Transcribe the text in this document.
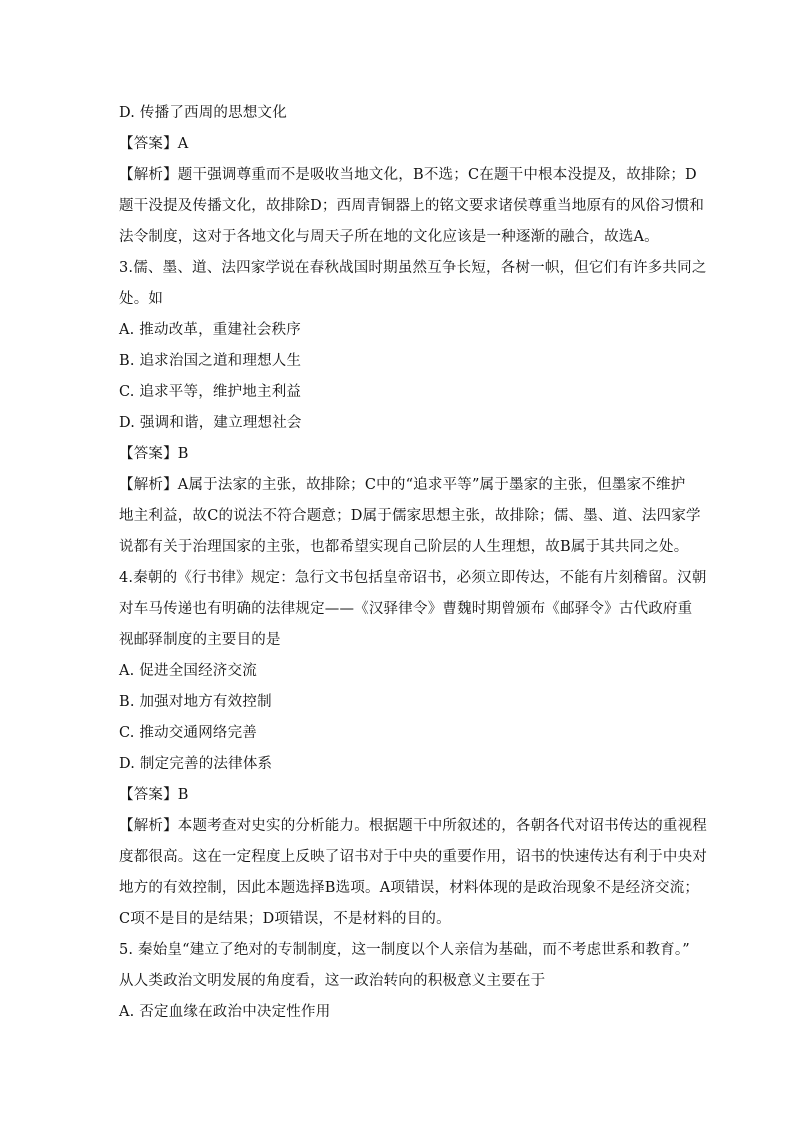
D. 传播了西周的思想文化
【答案】A
【解析】题干强调尊重而不是吸收当地文化，B不选；C在题干中根本没提及，故排除；D
题干没提及传播文化，故排除D；西周青铜器上的铭文要求诸侯尊重当地原有的风俗习惯和
法令制度，这对于各地文化与周天子所在地的文化应该是一种逐渐的融合，故选A。
3.儒、墨、道、法四家学说在春秋战国时期虽然互争长短，各树一帜，但它们有许多共同之
处。如
A. 推动改革，重建社会秩序
B. 追求治国之道和理想人生
C. 追求平等，维护地主利益
D. 强调和谐，建立理想社会
【答案】B
【解析】A属于法家的主张，故排除；C中的“追求平等”属于墨家的主张，但墨家不维护
地主利益，故C的说法不符合题意；D属于儒家思想主张，故排除；儒、墨、道、法四家学
说都有关于治理国家的主张，也都希望实现自己阶层的人生理想，故B属于其共同之处。
4.秦朝的《行书律》规定：急行文书包括皇帝诏书，必须立即传达，不能有片刻稽留。汉朝
对车马传递也有明确的法律规定——《汉驿律令》曹魏时期曾颁布《邮驿令》古代政府重
视邮驿制度的主要目的是
A. 促进全国经济交流
B. 加强对地方有效控制
C. 推动交通网络完善
D. 制定完善的法律体系
【答案】B
【解析】本题考查对史实的分析能力。根据题干中所叙述的，各朝各代对诏书传达的重视程
度都很高。这在一定程度上反映了诏书对于中央的重要作用，诏书的快速传达有利于中央对
地方的有效控制，因此本题选择B选项。A项错误，材料体现的是政治现象不是经济交流；
C项不是目的是结果；D项错误，不是材料的目的。
5. 秦始皇“建立了绝对的专制制度，这一制度以个人亲信为基础，而不考虑世系和教育。”
从人类政治文明发展的角度看，这一政治转向的积极意义主要在于
A. 否定血缘在政治中决定性作用
